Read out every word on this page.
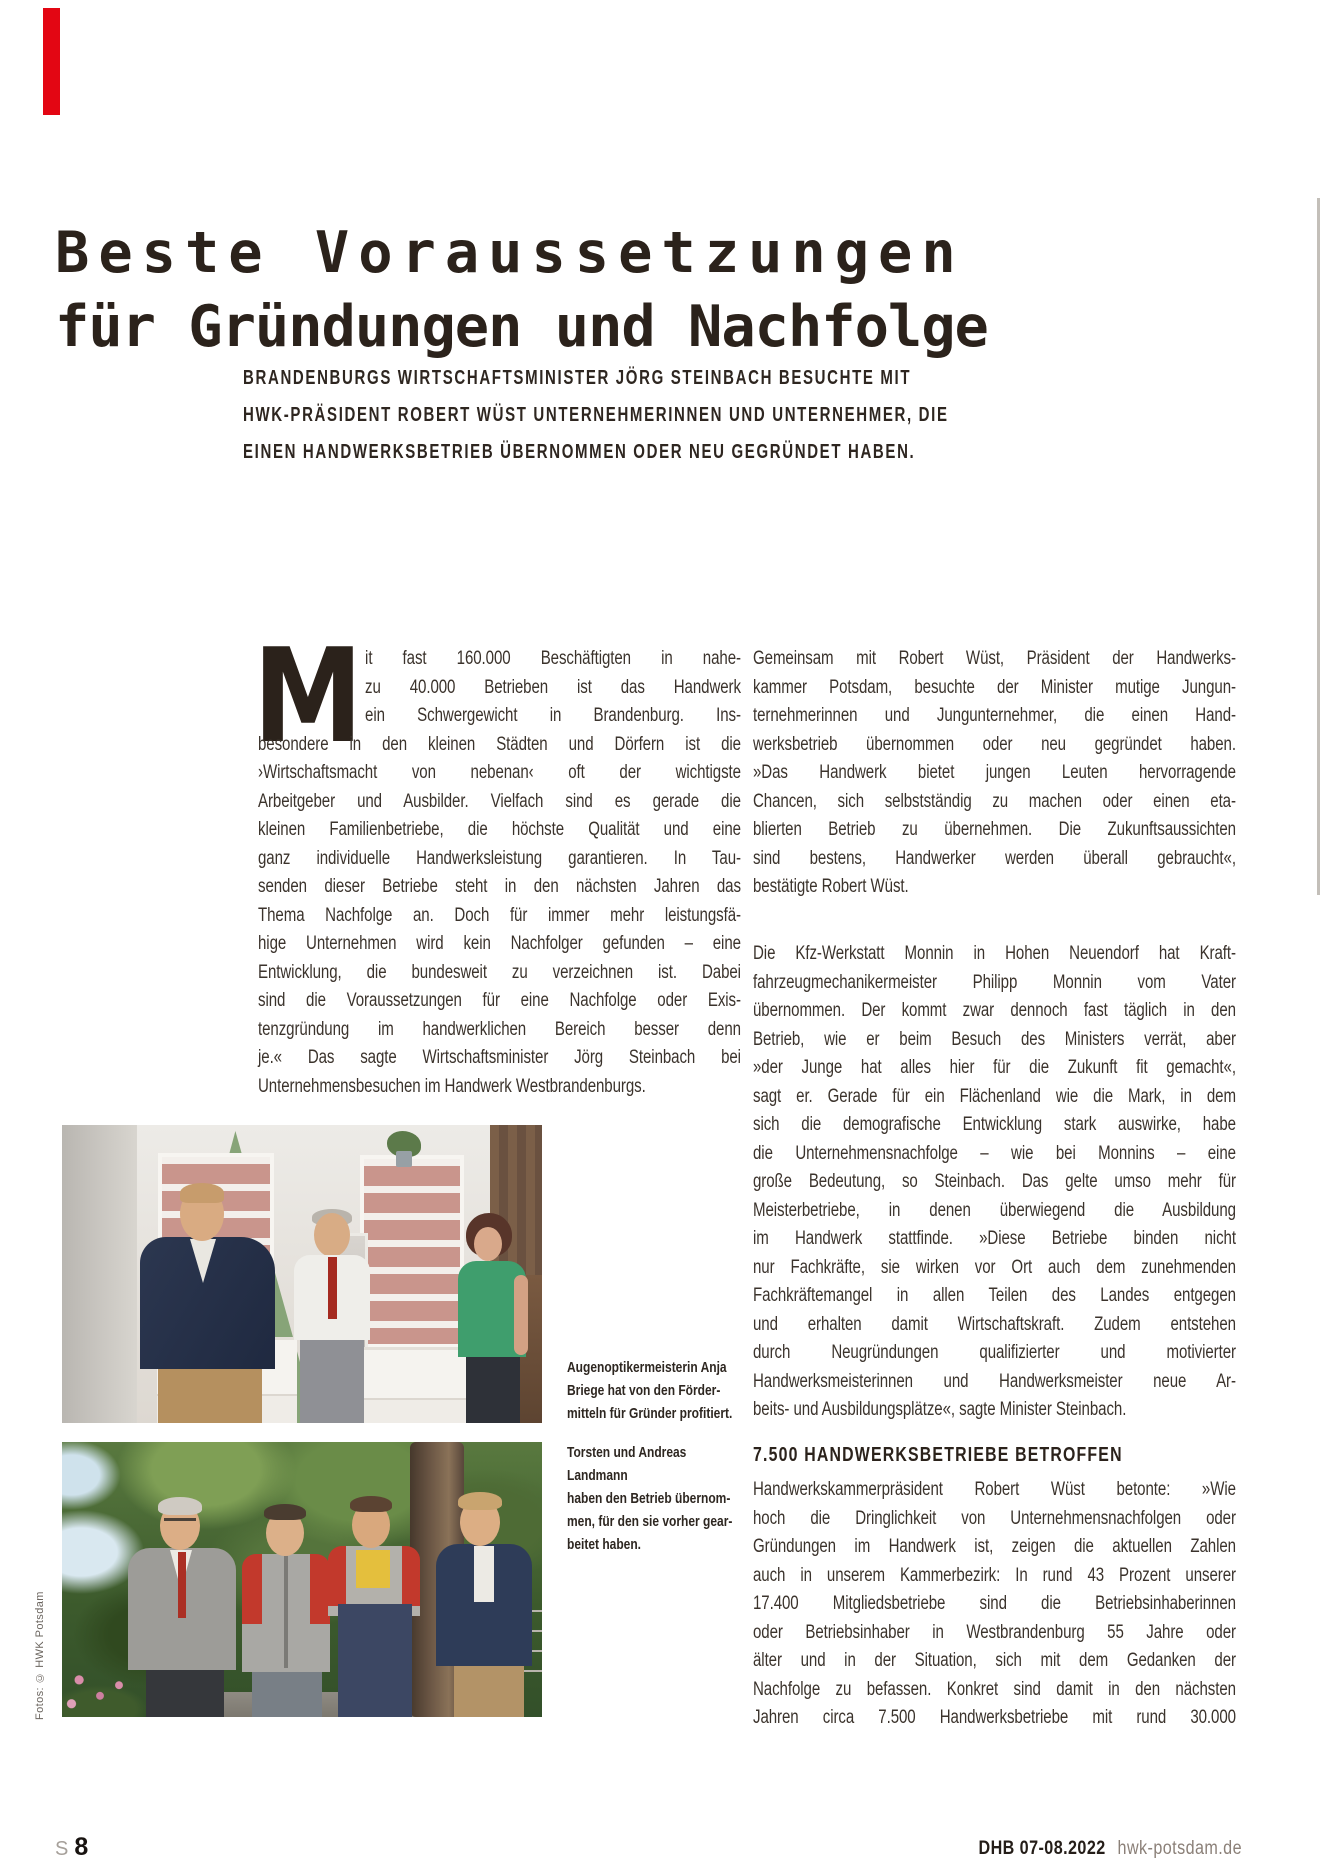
Beste Voraussetzungen
für Gründungen und Nachfolge
BRANDENBURGS WIRTSCHAFTSMINISTER JÖRG STEINBACH BESUCHTE MIT
HWK-PRÄSIDENT ROBERT WÜST UNTERNEHMERINNEN UND UNTERNEHMER, DIE
EINEN HANDWERKSBETRIEB ÜBERNOMMEN ODER NEU GEGRÜNDET HABEN.
M it fast 160.000 Beschäftigten in nahe-
zu 40.000 Betrieben ist das Handwerk
ein Schwergewicht in Brandenburg. Ins-
besondere in den kleinen Städten und Dörfern ist die
›Wirtschaftsmacht von nebenan‹ oft der wichtigste
Arbeitgeber und Ausbilder. Vielfach sind es gerade die
kleinen Familienbetriebe, die höchste Qualität und eine
ganz individuelle Handwerksleistung garantieren. In Tau-
senden dieser Betriebe steht in den nächsten Jahren das
Thema Nachfolge an. Doch für immer mehr leistungsfä-
hige Unternehmen wird kein Nachfolger gefunden – eine
Entwicklung, die bundesweit zu verzeichnen ist. Dabei
sind die Voraussetzungen für eine Nachfolge oder Exis-
tenzgründung im handwerklichen Bereich besser denn
je.« Das sagte Wirtschaftsminister Jörg Steinbach bei
Unternehmensbesuchen im Handwerk Westbrandenburgs.
Gemeinsam mit Robert Wüst, Präsident der Handwerks-
kammer Potsdam, besuchte der Minister mutige Jungun-
ternehmerinnen und Jungunternehmer, die einen Hand-
werksbetrieb übernommen oder neu gegründet haben.
»Das Handwerk bietet jungen Leuten hervorragende
Chancen, sich selbstständig zu machen oder einen eta-
blierten Betrieb zu übernehmen. Die Zukunftsaussichten
sind bestens, Handwerker werden überall gebraucht«,
bestätigte Robert Wüst.
Die Kfz-Werkstatt Monnin in Hohen Neuendorf hat Kraft-
fahrzeugmechanikermeister Philipp Monnin vom Vater
übernommen. Der kommt zwar dennoch fast täglich in den
Betrieb, wie er beim Besuch des Ministers verrät, aber
»der Junge hat alles hier für die Zukunft fit gemacht«,
sagt er. Gerade für ein Flächenland wie die Mark, in dem
sich die demografische Entwicklung stark auswirke, habe
die Unternehmensnachfolge – wie bei Monnins – eine
große Bedeutung, so Steinbach. Das gelte umso mehr für
Meisterbetriebe, in denen überwiegend die Ausbildung
im Handwerk stattfinde. »Diese Betriebe binden nicht
nur Fachkräfte, sie wirken vor Ort auch dem zunehmenden
Fachkräftemangel in allen Teilen des Landes entgegen
und erhalten damit Wirtschaftskraft. Zudem entstehen
durch Neugründungen qualifizierter und motivierter
Handwerksmeisterinnen und Handwerksmeister neue Ar-
beits- und Ausbildungsplätze«, sagte Minister Steinbach.
7.500 HANDWERKSBETRIEBE BETROFFEN
Handwerkskammerpräsident Robert Wüst betonte: »Wie
hoch die Dringlichkeit von Unternehmensnachfolgen oder
Gründungen im Handwerk ist, zeigen die aktuellen Zahlen
auch in unserem Kammerbezirk: In rund 43 Prozent unserer
17.400 Mitgliedsbetriebe sind die Betriebsinhaberinnen
oder Betriebsinhaber in Westbrandenburg 55 Jahre oder
älter und in der Situation, sich mit dem Gedanken der
Nachfolge zu befassen. Konkret sind damit in den nächsten
Jahren circa 7.500 Handwerksbetriebe mit rund 30.000
Augenoptikermeisterin Anja
Briege hat von den Förder-
mitteln für Gründer profitiert.
Torsten und Andreas Landmann
haben den Betrieb übernom-
men, für den sie vorher gear-
beitet haben.
Fotos: © HWK Potsdam
S 8	DHB 07-08.2022 hwk-potsdam.de
